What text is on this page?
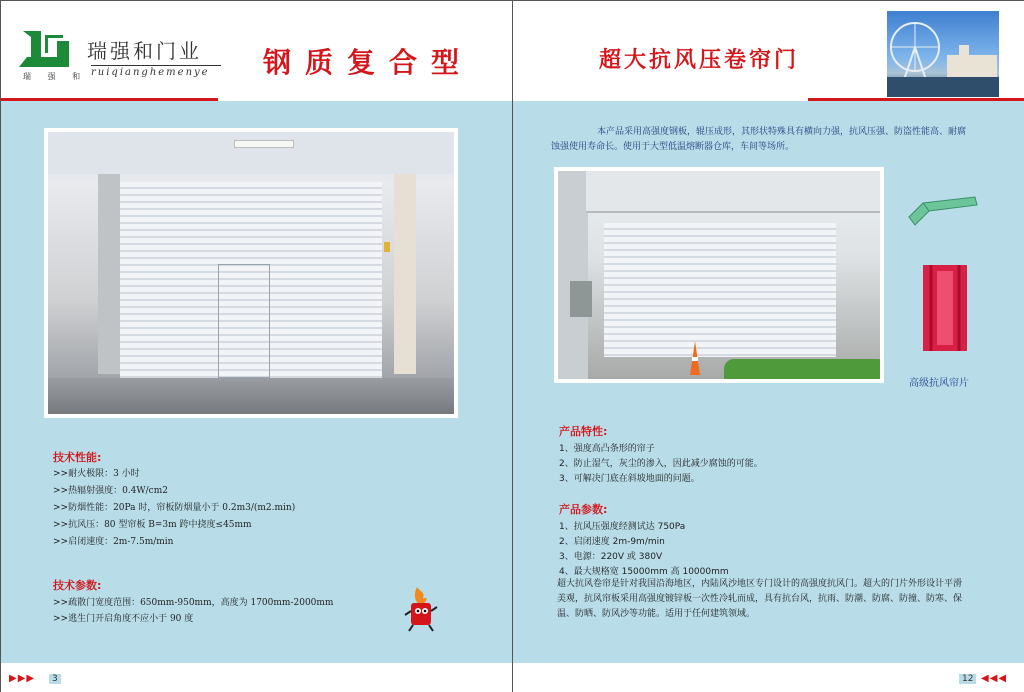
瑞强和门业
ruiqianghemenye
瑞 强 和	钢质复合型
技术性能:
>>耐火极限：3 小时
>>热辐射强度：0.4W/cm2
>>防烟性能：20Pa 时，帘板防烟量小于 0.2m3/(m2.min)
>>抗风压：80 型帘板 B=3m 跨中挠度≤45mm
>>启闭速度：2m-7.5m/min
技术参数:
>>疏散门宽度范围：650mm-950mm，高度为 1700mm-2000mm
>>逃生门开启角度不应小于 90 度
▶▶▶	3
超大抗风压卷帘门
本产品采用高强度钢板，辊压成形，其形状特殊具有横向力强，抗风压强、防盗性能高、耐腐蚀强使用寿命长。使用于大型低温熔断器仓库，车间等场所。
高级抗风帘片
产品特性:
1、强度高凸条形的帘子
2、防止湿气，灰尘的渗入，因此减少腐蚀的可能。
3、可解决门底在斜坡地面的问题。
产品参数:
1、抗风压强度经测试达 750Pa
2、启闭速度 2m-9m/min
3、电源：220V 或 380V
4、最大规格宽 15000mm 高 10000mm
超大抗风卷帘是针对我国沿海地区，内陆风沙地区专门设计的高强度抗风门。超大的门片外形设计平滑美观，抗风帘板采用高强度镀锌板一次性冷轧而成，具有抗台风，抗雨、防潮、防腐、防撞、防寒、保温、防晒、防风沙等功能。适用于任何建筑领域。
12 ◀◀◀
